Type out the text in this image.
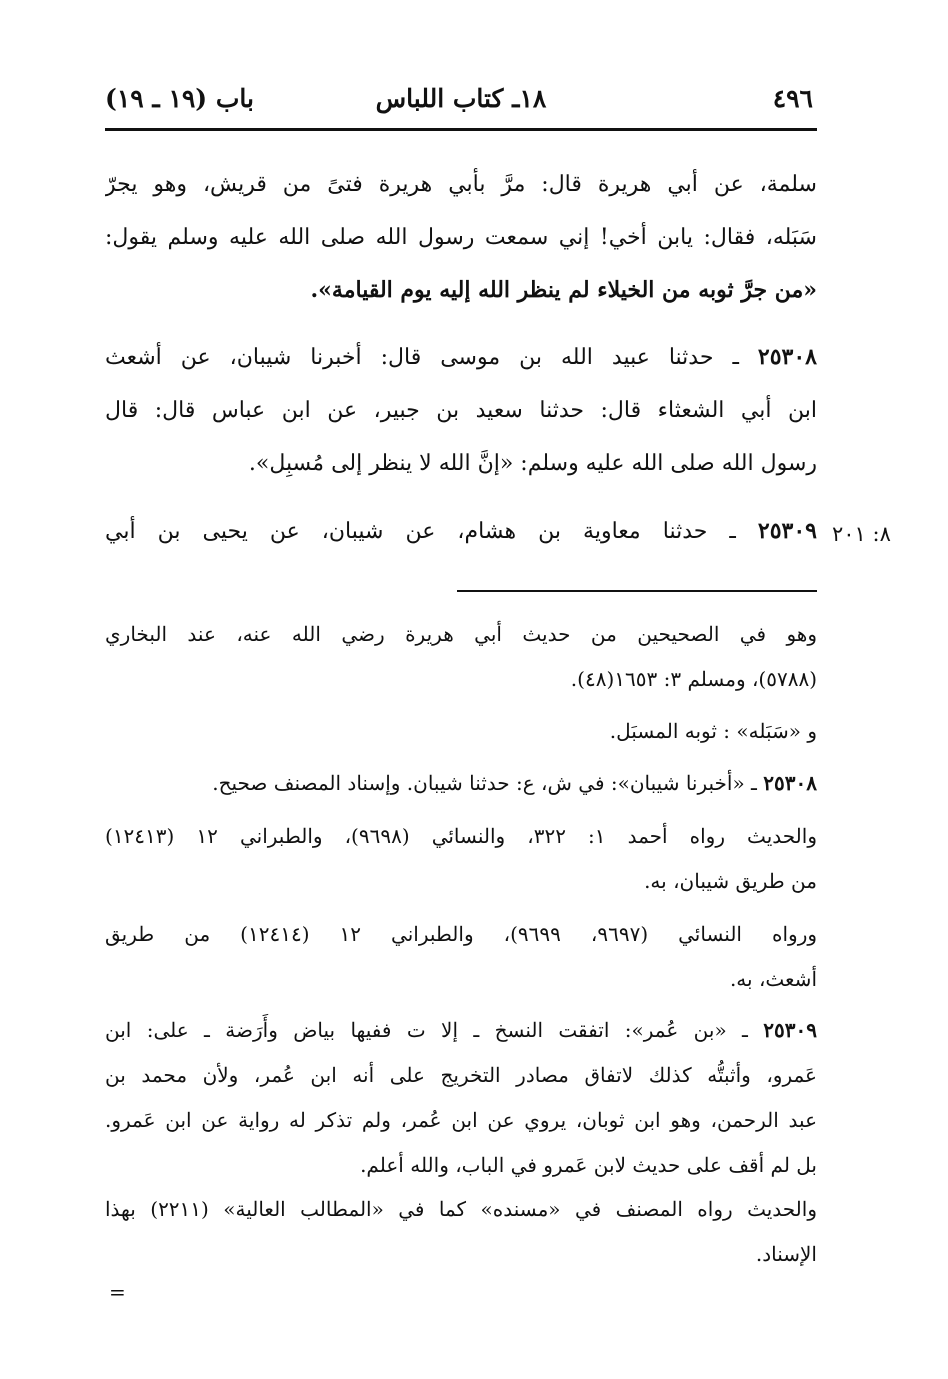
٤٩٦
١٨ـ كتاب اللباس
باب (١٩ ـ ١٩)
سلمة، عن أبي هريرة قال: مرَّ بأبي هريرة فتىً من قريش، وهو يجرّ
سَبَله، فقال: يابن أخي! إني سمعت رسول الله صلى الله عليه وسلم يقول:
«من جرَّ ثوبه من الخيلاء لم ينظر الله إليه يوم القيامة».
٢٥٣٠٨ ـ حدثنا عبيد الله بن موسى قال: أخبرنا شيبان، عن أشعث
ابن أبي الشعثاء قال: حدثنا سعيد بن جبير، عن ابن عباس قال: قال
رسول الله صلى الله عليه وسلم: «إنَّ الله لا ينظر إلى مُسبِل».
٢٥٣٠٩ ـ حدثنا معاوية بن هشام، عن شيبان، عن يحيى بن أبي	٨: ٢٠١
وهو في الصحيحين من حديث أبي هريرة رضي الله عنه، عند البخاري
(٥٧٨٨)، ومسلم ٣: ١٦٥٣(٤٨).
و «سَبَله» : ثوبه المسبَل.
٢٥٣٠٨ ـ «أخبرنا شيبان»: في ش، ع: حدثنا شيبان. وإسناد المصنف صحيح.
والحديث رواه أحمد ١: ٣٢٢، والنسائي (٩٦٩٨)، والطبراني ١٢ (١٢٤١٣)
من طريق شيبان، به.
ورواه النسائي (٩٦٩٧، ٩٦٩٩)، والطبراني ١٢ (١٢٤١٤) من طريق
أشعث، به.
٢٥٣٠٩ ـ «بن عُمر»: اتفقت النسخ ـ إلا ت ففيها بياض وأَرَضة ـ على: ابن
عَمرو، وأثبتُّه كذلك لاتفاق مصادر التخريج على أنه ابن عُمر، ولأن محمد بن
عبد الرحمن، وهو ابن ثوبان، يروي عن ابن عُمر، ولم تذكر له رواية عن ابن عَمرو.
بل لم أقف على حديث لابن عَمرو في الباب، والله أعلم.
والحديث رواه المصنف في «مسنده» كما في «المطالب العالية» (٢٢١١) بهذا
الإسناد.
=
